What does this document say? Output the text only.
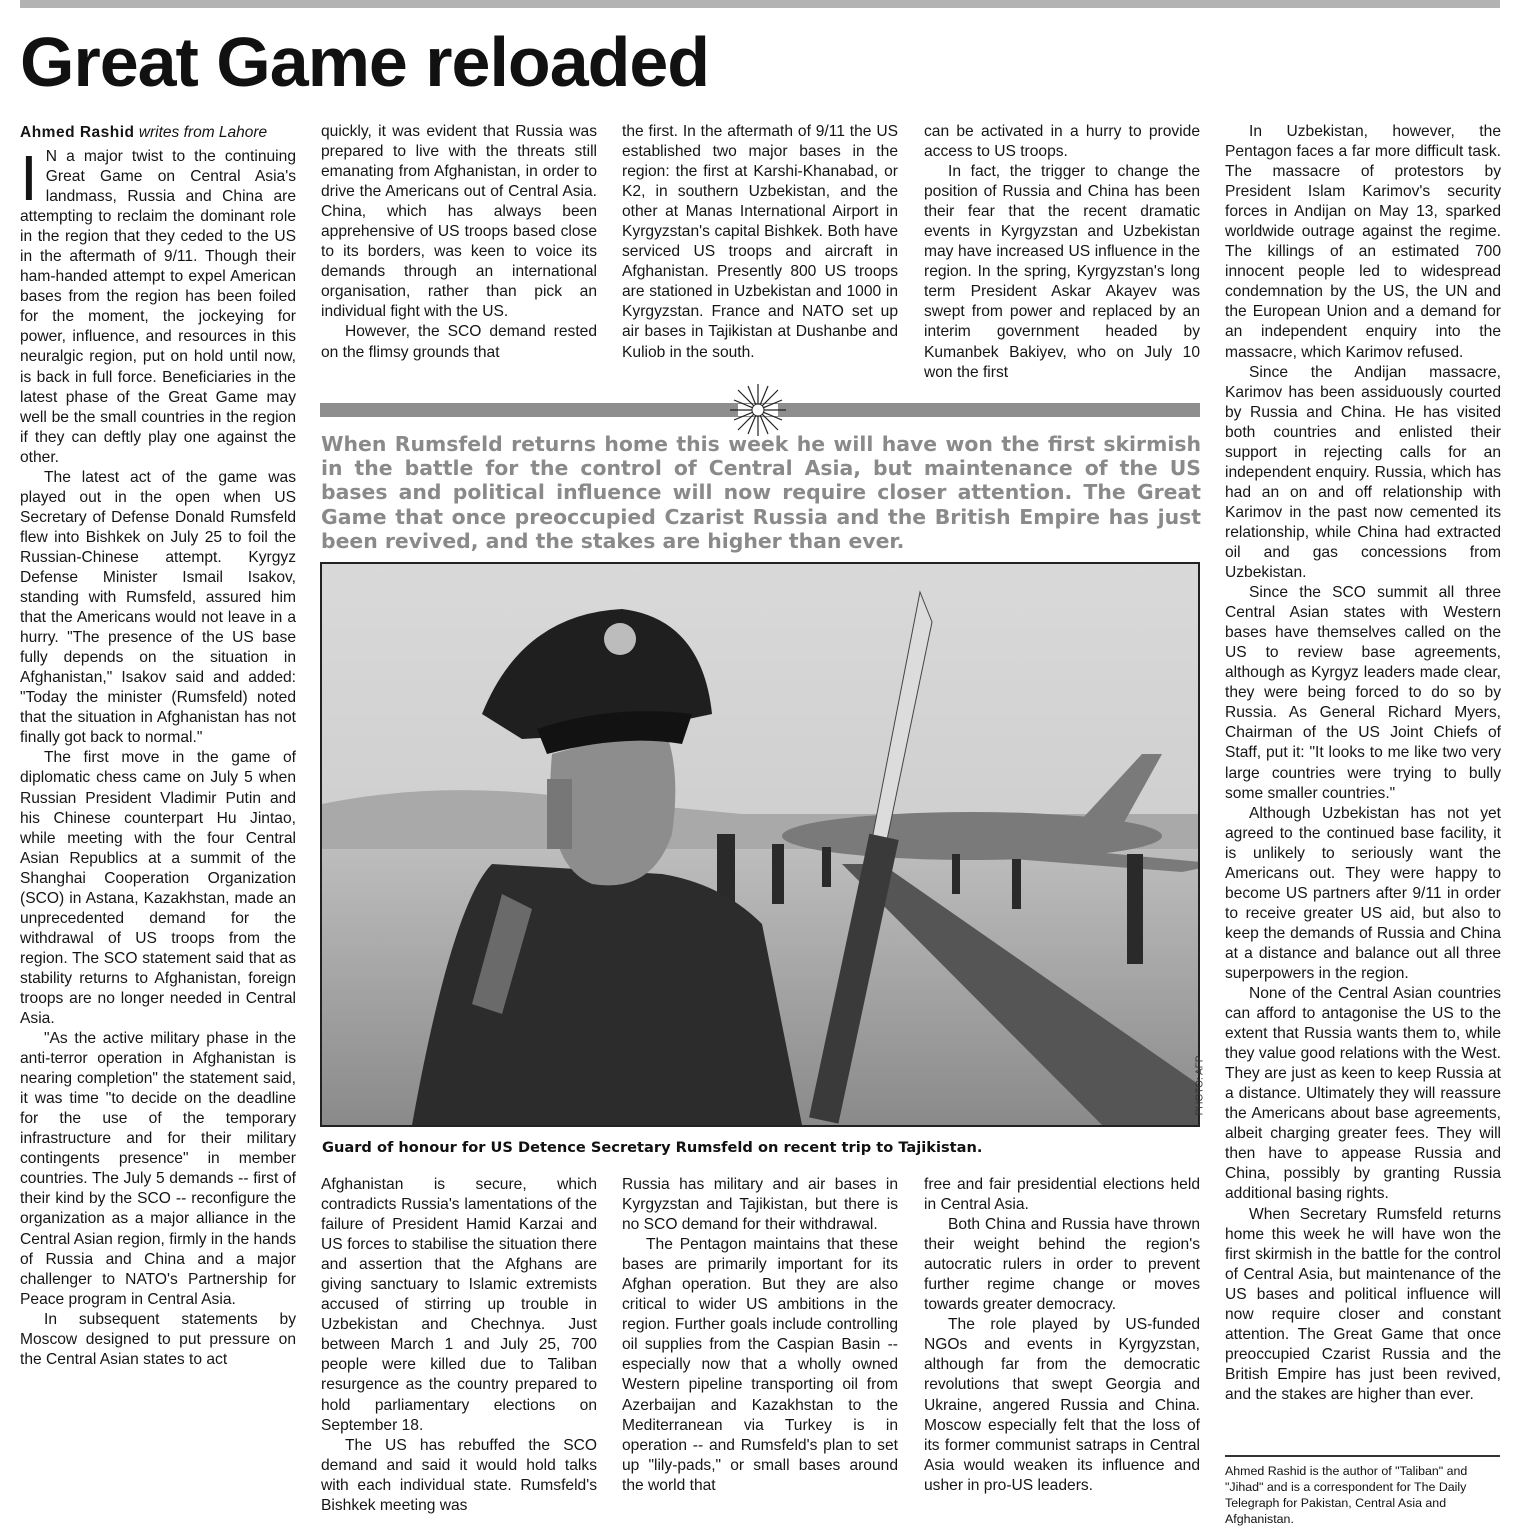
Great Game reloaded
Ahmed Rashid writes from Lahore
I N a major twist to the continuing Great Game on Central Asia's landmass, Russia and China are attempting to reclaim the dominant role in the region that they ceded to the US in the aftermath of 9/11. Though their ham-handed attempt to expel American bases from the region has been foiled for the moment, the jockeying for power, influence, and resources in this neuralgic region, put on hold until now, is back in full force. Beneficiaries in the latest phase of the Great Game may well be the small countries in the region if they can deftly play one against the other.

The latest act of the game was played out in the open when US Secretary of Defense Donald Rumsfeld flew into Bishkek on July 25 to foil the Russian-Chinese attempt. Kyrgyz Defense Minister Ismail Isakov, standing with Rumsfeld, assured him that the Americans would not leave in a hurry. "The presence of the US base fully depends on the situation in Afghanistan," Isakov said and added: "Today the minister (Rumsfeld) noted that the situation in Afghanistan has not finally got back to normal."

The first move in the game of diplomatic chess came on July 5 when Russian President Vladimir Putin and his Chinese counterpart Hu Jintao, while meeting with the four Central Asian Republics at a summit of the Shanghai Cooperation Organization (SCO) in Astana, Kazakhstan, made an unprecedented demand for the withdrawal of US troops from the region. The SCO statement said that as stability returns to Afghanistan, foreign troops are no longer needed in Central Asia.

"As the active military phase in the anti-terror operation in Afghanistan is nearing completion" the statement said, it was time "to decide on the deadline for the use of the temporary infrastructure and for their military contingents presence" in member countries. The July 5 demands -- first of their kind by the SCO -- reconfigure the organization as a major alliance in the Central Asian region, firmly in the hands of Russia and China and a major challenger to NATO's Partnership for Peace program in Central Asia.

In subsequent statements by Moscow designed to put pressure on the Central Asian states to act

quickly, it was evident that Russia was prepared to live with the threats still emanating from Afghanistan, in order to drive the Americans out of Central Asia. China, which has always been apprehensive of US troops based close to its borders, was keen to voice its demands through an international organisation, rather than pick an individual fight with the US.

However, the SCO demand rested on the flimsy grounds that

the first. In the aftermath of 9/11 the US established two major bases in the region: the first at Karshi-Khanabad, or K2, in southern Uzbekistan, and the other at Manas International Airport in Kyrgyzstan's capital Bishkek. Both have serviced US troops and aircraft in Afghanistan. Presently 800 US troops are stationed in Uzbekistan and 1000 in Kyrgyzstan. France and NATO set up air bases in Tajikistan at Dushanbe and Kuliob in the south.

can be activated in a hurry to provide access to US troops.

In fact, the trigger to change the position of Russia and China has been their fear that the recent dramatic events in Kyrgyzstan and Uzbekistan may have increased US influence in the region. In the spring, Kyrgyzstan's long term President Askar Akayev was swept from power and replaced by an interim government headed by Kumanbek Bakiyev, who on July 10 won the first

When Rumsfeld returns home this week he will have won the first skirmish in the battle for the control of Central Asia, but maintenance of the US bases and political influence will now require closer attention. The Great Game that once preoccupied Czarist Russia and the British Empire has just been revived, and the stakes are higher than ever.
PHOTO: AFP
Guard of honour for US Detence Secretary Rumsfeld on recent trip to Tajikistan.

Afghanistan is secure, which contradicts Russia's lamentations of the failure of President Hamid Karzai and US forces to stabilise the situation there and assertion that the Afghans are giving sanctuary to Islamic extremists accused of stirring up trouble in Uzbekistan and Chechnya. Just between March 1 and July 25, 700 people were killed due to Taliban resurgence as the country prepared to hold parliamentary elections on September 18.

The US has rebuffed the SCO demand and said it would hold talks with each individual state. Rumsfeld's Bishkek meeting was

Russia has military and air bases in Kyrgyzstan and Tajikistan, but there is no SCO demand for their withdrawal.

The Pentagon maintains that these bases are primarily important for its Afghan operation. But they are also critical to wider US ambitions in the region. Further goals include controlling oil supplies from the Caspian Basin -- especially now that a wholly owned Western pipeline transporting oil from Azerbaijan and Kazakhstan to the Mediterranean via Turkey is in operation -- and Rumsfeld's plan to set up "lily-pads," or small bases around the world that

free and fair presidential elections held in Central Asia.

Both China and Russia have thrown their weight behind the region's autocratic rulers in order to prevent further regime change or moves towards greater democracy.

The role played by US-funded NGOs and events in Kyrgyzstan, although far from the democratic revolutions that swept Georgia and Ukraine, angered Russia and China. Moscow especially felt that the loss of its former communist satraps in Central Asia would weaken its influence and usher in pro-US leaders.

In Uzbekistan, however, the Pentagon faces a far more difficult task. The massacre of protestors by President Islam Karimov's security forces in Andijan on May 13, sparked worldwide outrage against the regime. The killings of an estimated 700 innocent people led to widespread condemnation by the US, the UN and the European Union and a demand for an independent enquiry into the massacre, which Karimov refused.

Since the Andijan massacre, Karimov has been assiduously courted by Russia and China. He has visited both countries and enlisted their support in rejecting calls for an independent enquiry. Russia, which has had an on and off relationship with Karimov in the past now cemented its relationship, while China had extracted oil and gas concessions from Uzbekistan.

Since the SCO summit all three Central Asian states with Western bases have themselves called on the US to review base agreements, although as Kyrgyz leaders made clear, they were being forced to do so by Russia. As General Richard Myers, Chairman of the US Joint Chiefs of Staff, put it: "It looks to me like two very large countries were trying to bully some smaller countries."

Although Uzbekistan has not yet agreed to the continued base facility, it is unlikely to seriously want the Americans out. They were happy to become US partners after 9/11 in order to receive greater US aid, but also to keep the demands of Russia and China at a distance and balance out all three superpowers in the region.

None of the Central Asian countries can afford to antagonise the US to the extent that Russia wants them to, while they value good relations with the West. They are just as keen to keep Russia at a distance. Ultimately they will reassure the Americans about base agreements, albeit charging greater fees. They will then have to appease Russia and China, possibly by granting Russia additional basing rights.

When Secretary Rumsfeld returns home this week he will have won the first skirmish in the battle for the control of Central Asia, but maintenance of the US bases and political influence will now require closer and constant attention. The Great Game that once preoccupied Czarist Russia and the British Empire has just been revived, and the stakes are higher than ever.

Ahmed Rashid is the author of "Taliban" and "Jihad" and is a correspondent for The Daily Telegraph for Pakistan, Central Asia and Afghanistan.
